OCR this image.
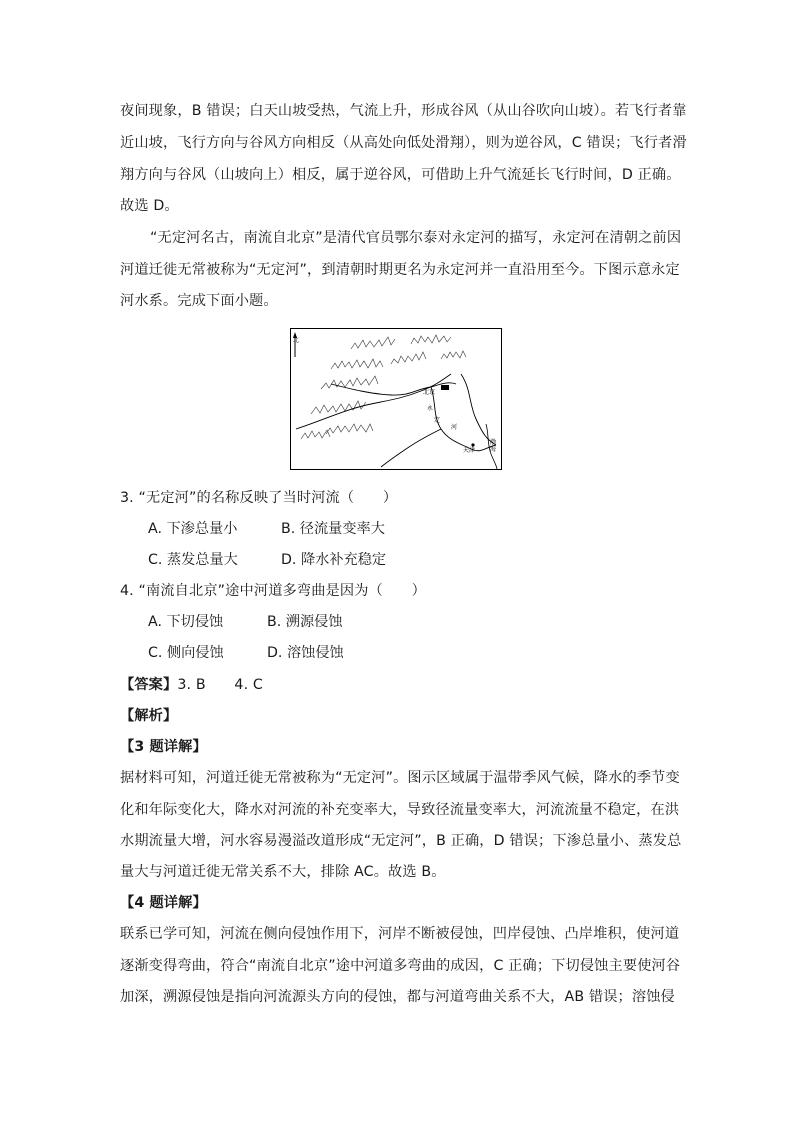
夜间现象，B 错误；白天山坡受热，气流上升，形成谷风（从山谷吹向山坡）。若飞行者靠
近山坡，飞行方向与谷风方向相反（从高处向低处滑翔），则为逆谷风，C 错误；飞行者滑
翔方向与谷风（山坡向上）相反，属于逆谷风，可借助上升气流延长飞行时间，D 正确。
故选 D。
“无定河名古，南流自北京”是清代官员鄂尔泰对永定河的描写，永定河在清朝之前因
河道迁徙无常被称为“无定河”，到清朝时期更名为永定河并一直沿用至今。下图示意永定
河水系。完成下面小题。
北
北京
天津
渤海
永
定
河
3. “无定河”的名称反映了当时河流（　　）
A. 下渗总量小	B. 径流量变率大
C. 蒸发总量大	D. 降水补充稳定
4. “南流自北京”途中河道多弯曲是因为（　　）
A. 下切侵蚀	B. 溯源侵蚀
C. 侧向侵蚀	D. 溶蚀侵蚀
【答案】3. B　　4. C
【解析】
【3 题详解】
据材料可知，河道迁徙无常被称为“无定河”。图示区域属于温带季风气候，降水的季节变
化和年际变化大，降水对河流的补充变率大，导致径流量变率大，河流流量不稳定，在洪
水期流量大增，河水容易漫溢改道形成“无定河”，B 正确，D 错误；下渗总量小、蒸发总
量大与河道迁徙无常关系不大，排除 AC。故选 B。
【4 题详解】
联系已学可知，河流在侧向侵蚀作用下，河岸不断被侵蚀，凹岸侵蚀、凸岸堆积，使河道
逐渐变得弯曲，符合“南流自北京”途中河道多弯曲的成因，C 正确；下切侵蚀主要使河谷
加深，溯源侵蚀是指向河流源头方向的侵蚀，都与河道弯曲关系不大，AB 错误；溶蚀侵
